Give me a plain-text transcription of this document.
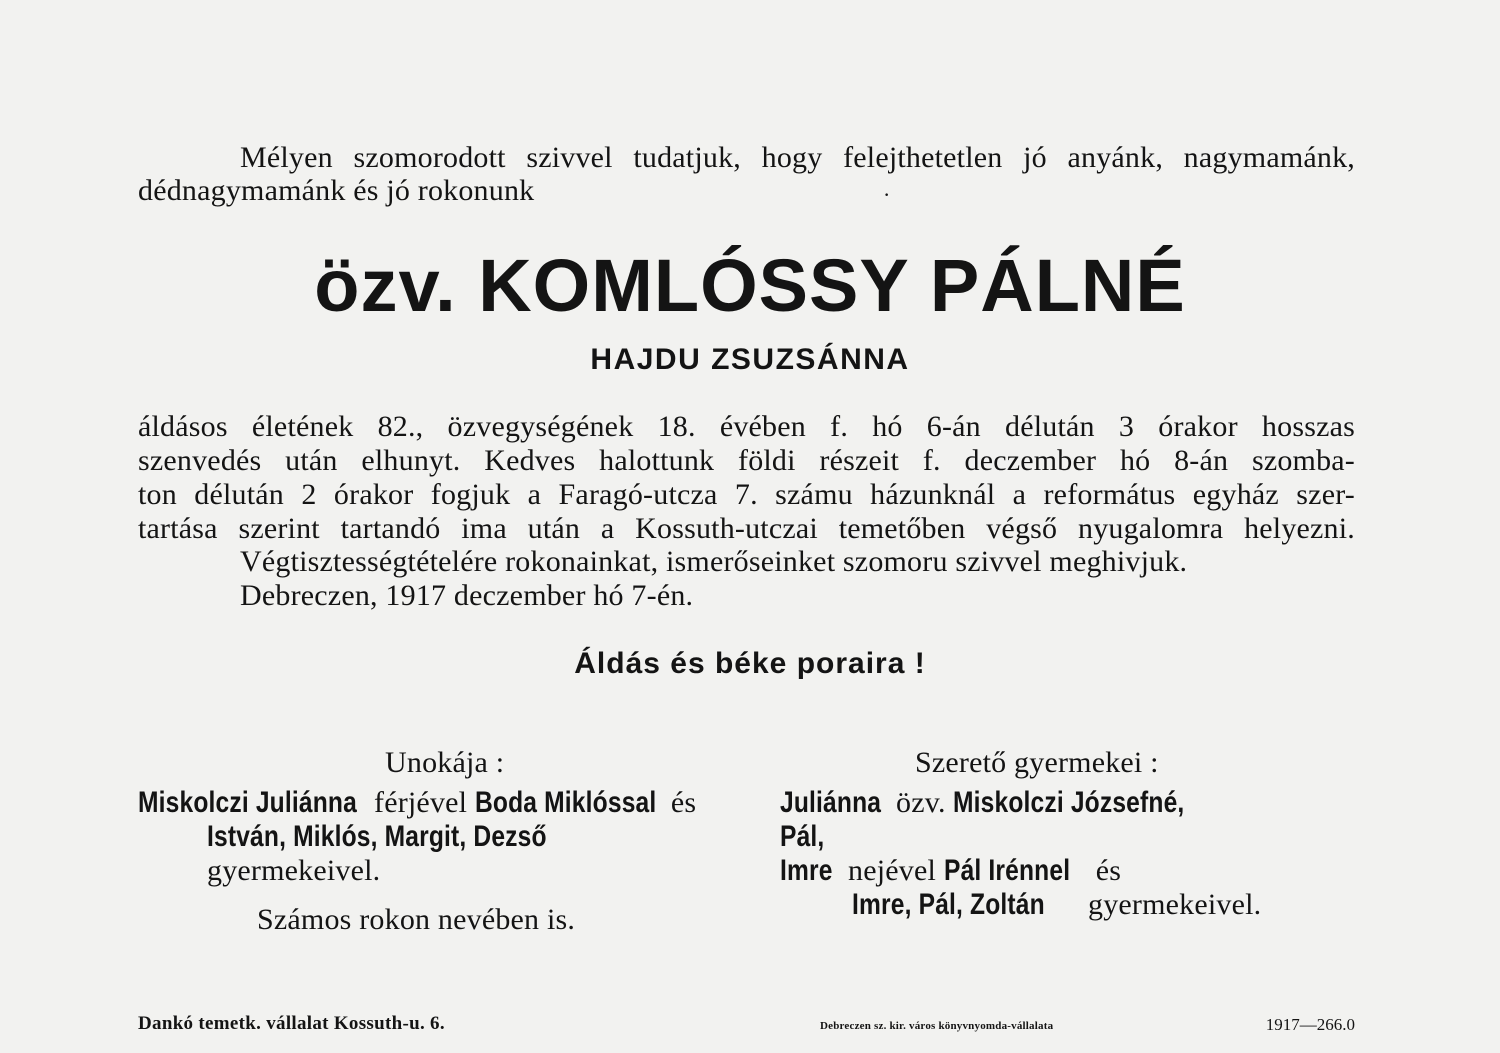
Mélyen szomorodott szivvel tudatjuk, hogy felejthetetlen jó anyánk, nagymamánk,
dédnagymamánk és jó rokonunk	·
özv. KOMLÓSSY PÁLNÉ
HAJDU ZSUZSÁNNA
áldásos életének 82., özvegységének 18. évében f. hó 6-án délután 3 órakor hosszas
szenvedés után elhunyt. Kedves halottunk földi részeit f. deczember hó 8-án szomba-
ton délután 2 órakor fogjuk a Faragó-utcza 7. számu házunknál a református egyház szer-
tartása szerint tartandó ima után a Kossuth-utczai temetőben végső nyugalomra helyezni.
Végtisztességtételére rokonainkat, ismerőseinket szomoru szivvel meghivjuk.
Debreczen, 1917 deczember hó 7-én.
Áldás és béke poraira !
Unokája :
Miskolczi Juliánna férjével Boda Miklóssal és
István, Miklós, Margit, Dezső
gyermekeivel.
Számos rokon nevében is.
Szerető gyermekei :
Juliánna özv. Miskolczi Józsefné,
Pál,
Imre nejével Pál Irénnel és
Imre, Pál, Zoltán gyermekeivel.
Dankó temetk. vállalat Kossuth-u. 6.	Debreczen sz. kir. város könyvnyomda-vállalata	1917—266.0
